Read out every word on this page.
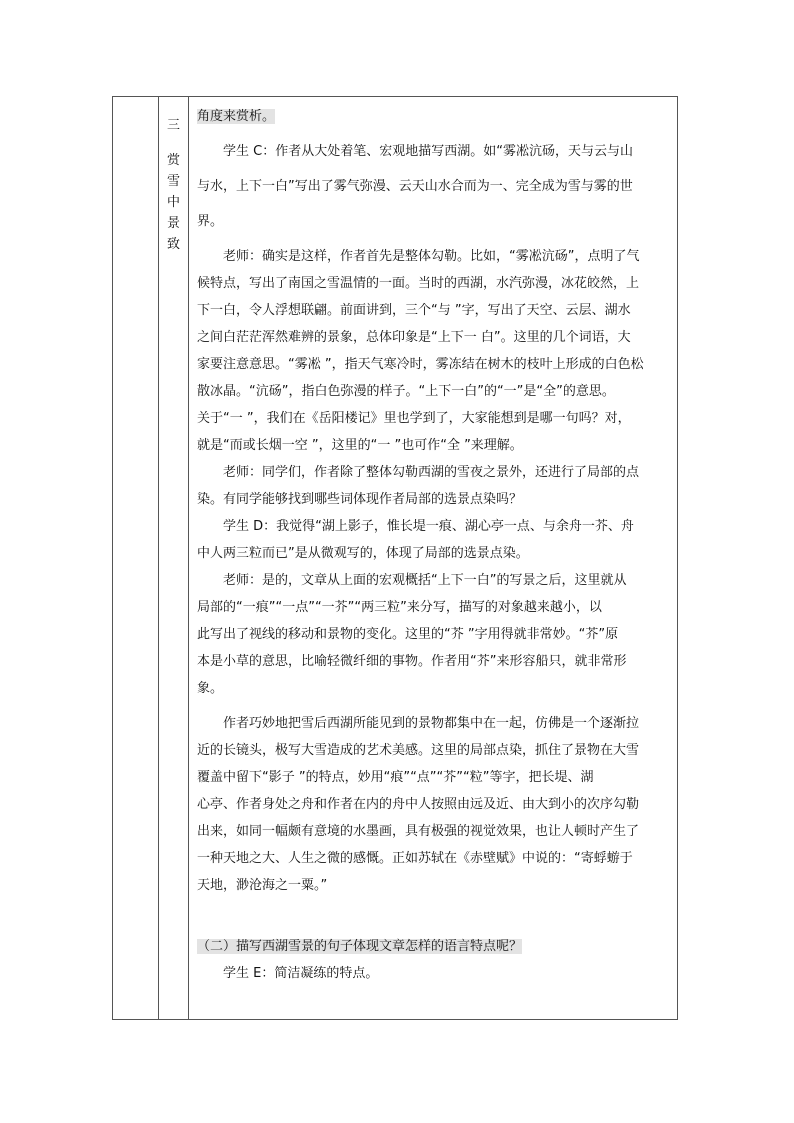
三
赏
雪
中
景
致
角度来赏析。
学生 C：作者从大处着笔、宏观地描写西湖。如“雾凇沆砀，天与云与山
与水，上下一白”写出了雾气弥漫、云天山水合而为一、完全成为雪与雾的世
界。
老师：确实是这样，作者首先是整体勾勒。比如，“雾凇沆砀”，点明了气
候特点，写出了南国之雪温情的一面。当时的西湖，水汽弥漫，冰花皎然，上
下一白，令人浮想联翩。前面讲到，三个“与 ”字，写出了天空、云层、湖水
之间白茫茫浑然难辨的景象，总体印象是“上下一 白”。这里的几个词语，大
家要注意意思。“雾凇 ”，指天气寒冷时，雾冻结在树木的枝叶上形成的白色松
散冰晶。“沆砀”，指白色弥漫的样子。“上下一白”的“一”是“全”的意思。
关于“一 ”，我们在《岳阳楼记》里也学到了，大家能想到是哪一句吗？对，
就是“而或长烟一空 ”，这里的“一 ”也可作“全 ”来理解。
老师：同学们，作者除了整体勾勒西湖的雪夜之景外，还进行了局部的点
染。有同学能够找到哪些词体现作者局部的选景点染吗？
学生 D：我觉得“湖上影子，惟长堤一痕、湖心亭一点、与余舟一芥、舟
中人两三粒而已”是从微观写的，体现了局部的选景点染。
老师：是的，文章从上面的宏观概括“上下一白”的写景之后，这里就从
局部的“一痕”“一点”“一芥”“两三粒”来分写，描写的对象越来越小，以
此写出了视线的移动和景物的变化。这里的“芥 ”字用得就非常妙。“芥”原
本是小草的意思，比喻轻微纤细的事物。作者用“芥”来形容船只，就非常形
象。
作者巧妙地把雪后西湖所能见到的景物都集中在一起，仿佛是一个逐渐拉
近的长镜头，极写大雪造成的艺术美感。这里的局部点染，抓住了景物在大雪
覆盖中留下“影子 ”的特点，妙用“痕”“点”“芥”“粒”等字，把长堤、湖
心亭、作者身处之舟和作者在内的舟中人按照由远及近、由大到小的次序勾勒
出来，如同一幅颇有意境的水墨画，具有极强的视觉效果，也让人顿时产生了
一种天地之大、人生之微的感慨。正如苏轼在《赤壁赋》中说的：“寄蜉蝣于
天地，渺沧海之一粟。”
（二）描写西湖雪景的句子体现文章怎样的语言特点呢？
学生 E：简洁凝练的特点。
